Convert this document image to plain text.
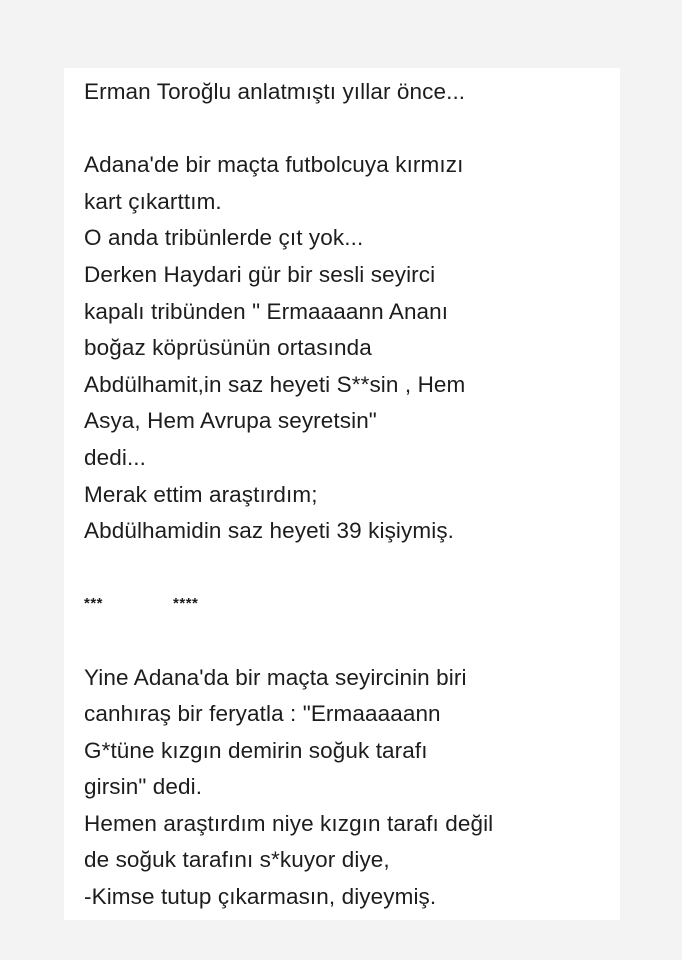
Erman Toroğlu anlatmıştı yıllar önce...
Adana'de bir maçta futbolcuya kırmızı
kart çıkarttım.
O anda tribünlerde çıt yok...
Derken Haydari gür bir sesli seyirci
kapalı tribünden " Ermaaaann Ananı
boğaz köprüsünün ortasında
Abdülhamit,in saz heyeti S**sin , Hem
Asya, Hem Avrupa seyretsin"
dedi...
Merak ettim araştırdım;
Abdülhamidin saz heyeti 39 kişiymiş.
***	****
Yine Adana'da bir maçta seyircinin biri
canhıraş bir feryatla : "Ermaaaaann
G*tüne kızgın demirin soğuk tarafı
girsin" dedi.
Hemen araştırdım niye kızgın tarafı değil
de soğuk tarafını s*kuyor diye,
-Kimse tutup çıkarmasın, diyeymiş.
